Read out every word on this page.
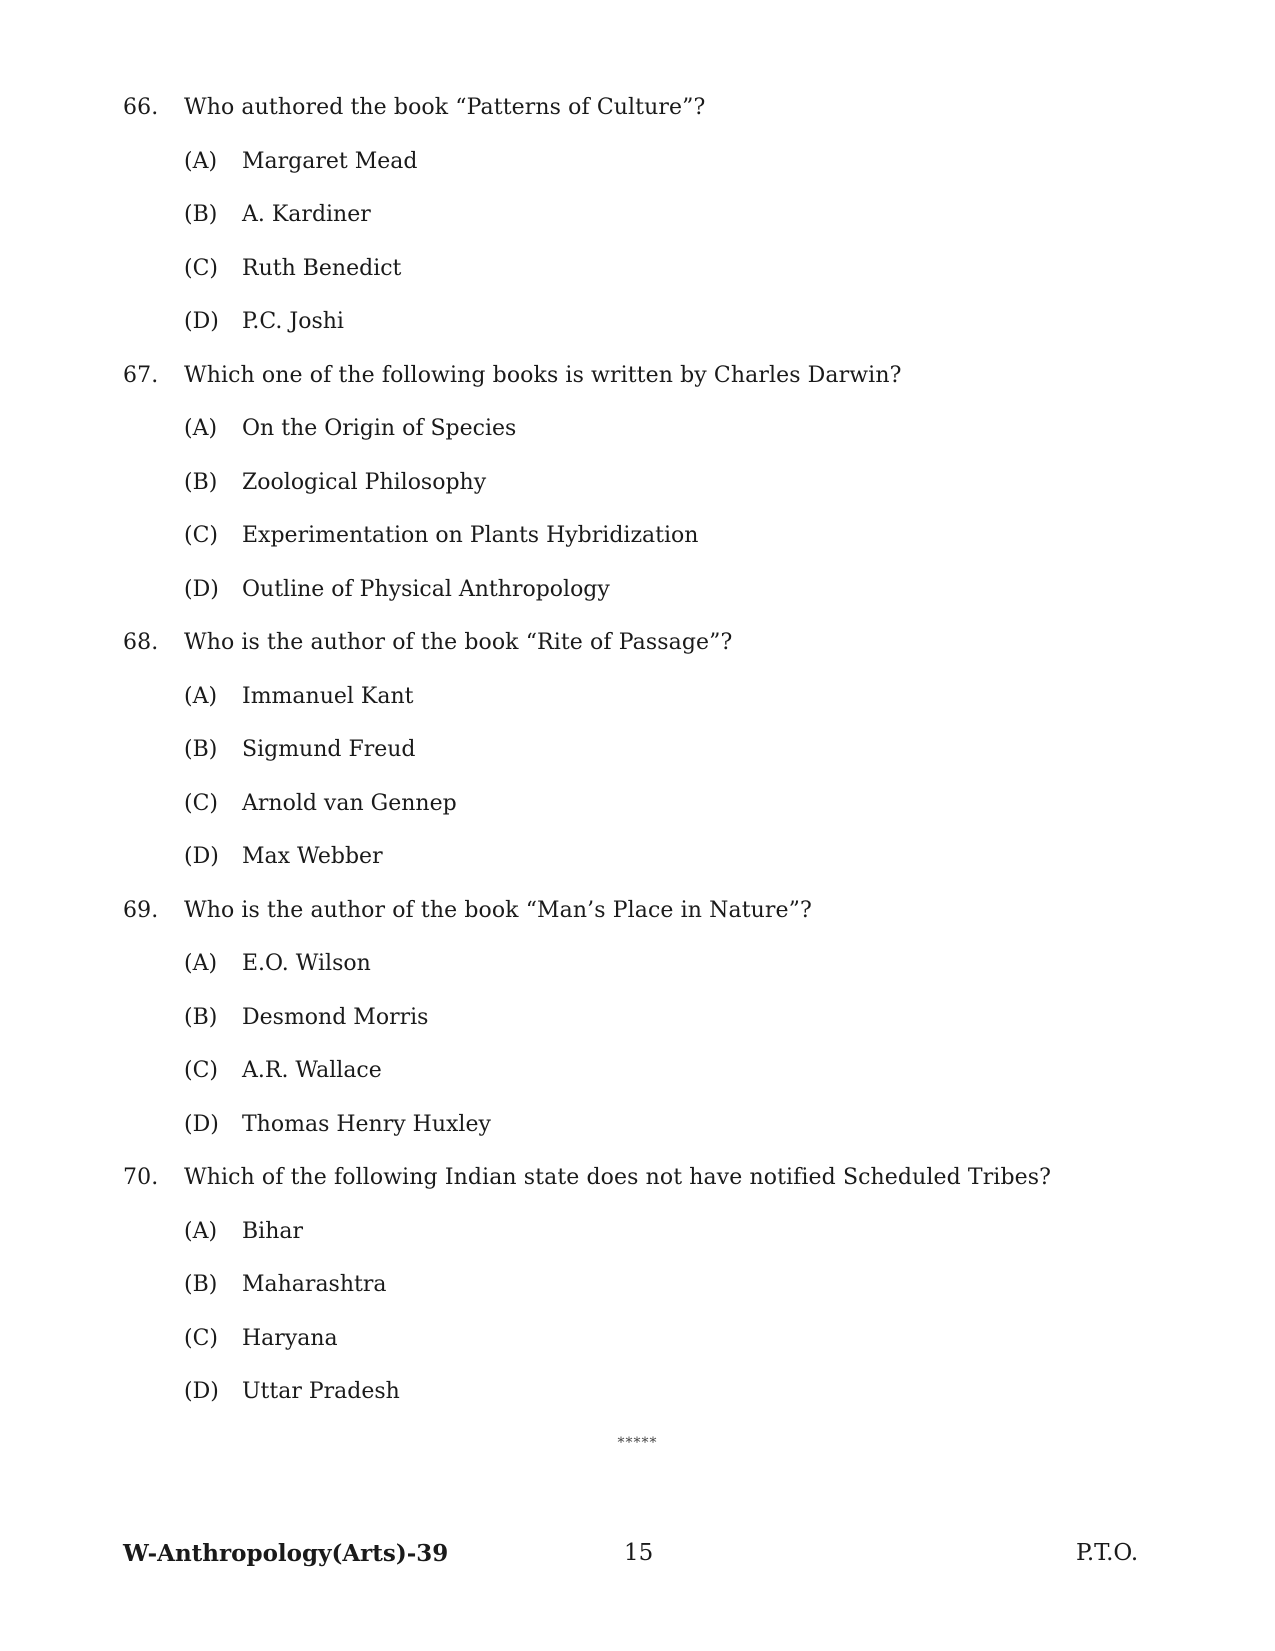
66.	Who authored the book “Patterns of Culture”?
(A)	Margaret Mead
(B)	A. Kardiner
(C)	Ruth Benedict
(D)	P.C. Joshi
67.	Which one of the following books is written by Charles Darwin?
(A)	On the Origin of Species
(B)	Zoological Philosophy
(C)	Experimentation on Plants Hybridization
(D)	Outline of Physical Anthropology
68.	Who is the author of the book “Rite of Passage”?
(A)	Immanuel Kant
(B)	Sigmund Freud
(C)	Arnold van Gennep
(D)	Max Webber
69.	Who is the author of the book “Man’s Place in Nature”?
(A)	E.O. Wilson
(B)	Desmond Morris
(C)	A.R. Wallace
(D)	Thomas Henry Huxley
70.	Which of the following Indian state does not have notified Scheduled Tribes?
(A)	Bihar
(B)	Maharashtra
(C)	Haryana
(D)	Uttar Pradesh
*****
W-Anthropology(Arts)-39	15	P.T.O.
